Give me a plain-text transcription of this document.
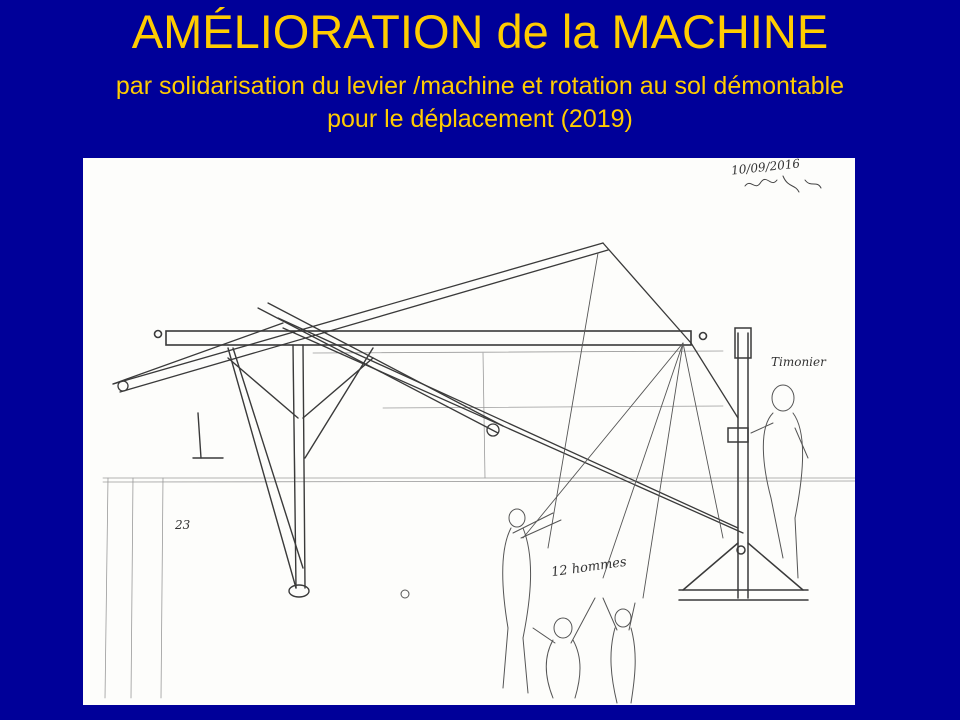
AMÉLIORATION de la MACHINE
par solidarisation du levier /machine et rotation au sol démontable
pour le déplacement (2019)
10/09/2016
Timonier
12 hommes
23
